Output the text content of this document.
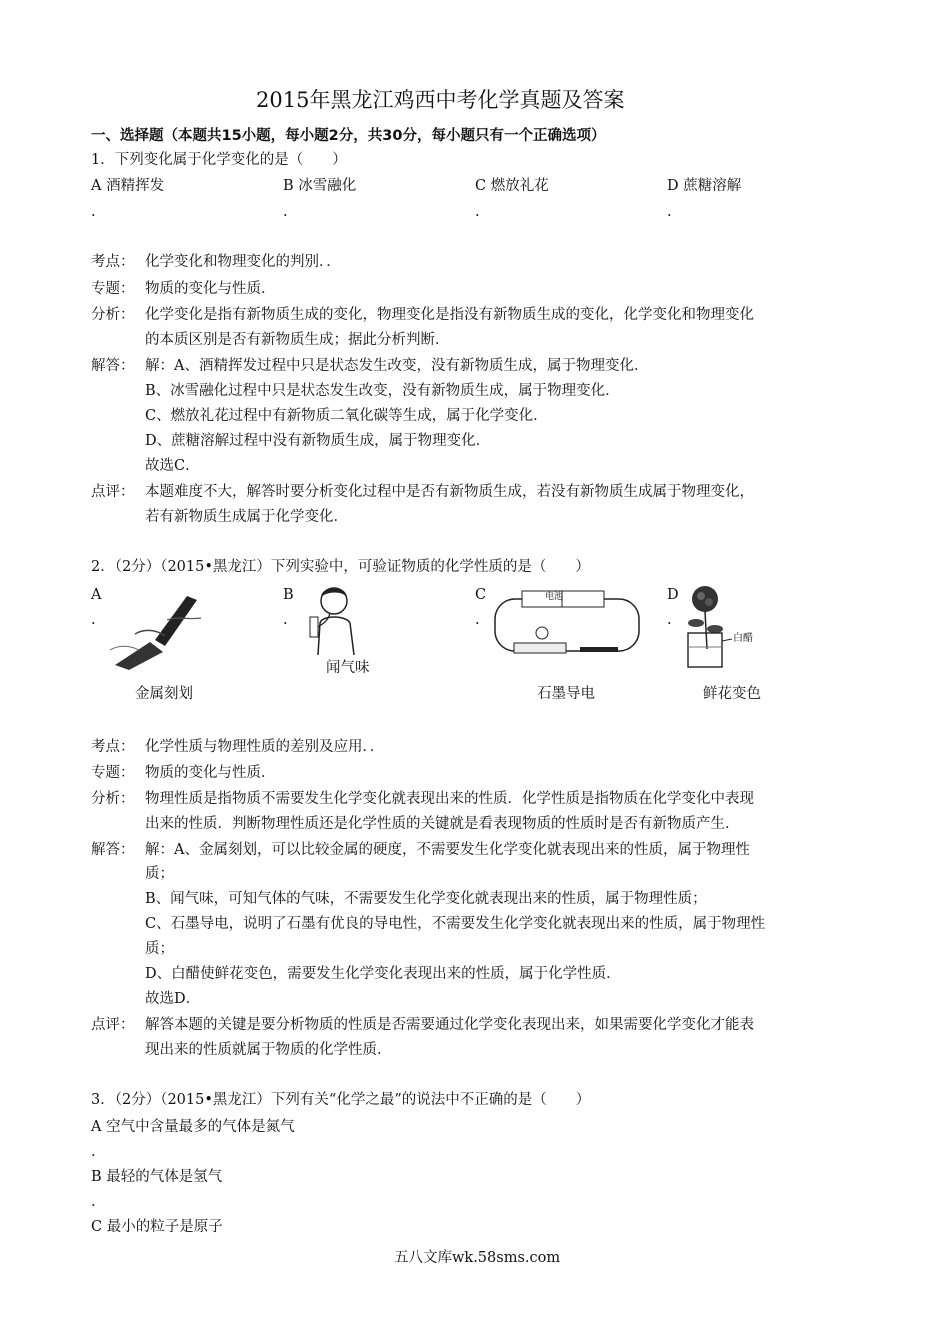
2015年黑龙江鸡西中考化学真题及答案
一、选择题（本题共15小题，每小题2分，共30分，每小题只有一个正确选项）
1．下列变化属于化学变化的是（　　）
A 酒精挥发	B 冰雪融化	C 燃放礼花	D 蔗糖溶解
.	.	.	.
考点： 化学变化和物理变化的判别．．
专题： 物质的变化与性质．
分析： 化学变化是指有新物质生成的变化，物理变化是指没有新物质生成的变化，化学变化和物理变化
的本质区别是否有新物质生成；据此分析判断．
解答： 解：A、酒精挥发过程中只是状态发生改变，没有新物质生成，属于物理变化．
B、冰雪融化过程中只是状态发生改变，没有新物质生成，属于物理变化．
C、燃放礼花过程中有新物质二氧化碳等生成，属于化学变化．
D、蔗糖溶解过程中没有新物质生成，属于物理变化．
故选C．
点评： 本题难度不大，解答时要分析变化过程中是否有新物质生成，若没有新物质生成属于物理变化，
若有新物质生成属于化学变化．
2．（2分）（2015•黑龙江）下列实验中，可验证物质的化学性质的是（　　）
A	B	C	D
.	.	.	.
闻气味
电池
白醋
金属刻划	石墨导电	鲜花变色
考点： 化学性质与物理性质的差别及应用．．
专题： 物质的变化与性质．
分析： 物理性质是指物质不需要发生化学变化就表现出来的性质．化学性质是指物质在化学变化中表现
出来的性质．判断物理性质还是化学性质的关键就是看表现物质的性质时是否有新物质产生．
解答： 解：A、金属刻划，可以比较金属的硬度，不需要发生化学变化就表现出来的性质，属于物理性
质；
B、闻气味，可知气体的气味，不需要发生化学变化就表现出来的性质，属于物理性质；
C、石墨导电，说明了石墨有优良的导电性，不需要发生化学变化就表现出来的性质，属于物理性
质；
D、白醋使鲜花变色，需要发生化学变化表现出来的性质，属于化学性质．
故选D．
点评： 解答本题的关键是要分析物质的性质是否需要通过化学变化表现出来，如果需要化学变化才能表
现出来的性质就属于物质的化学性质．
3．（2分）（2015•黑龙江）下列有关“化学之最”的说法中不正确的是（　　）
A 空气中含量最多的气体是氮气
.
B 最轻的气体是氢气
.
C 最小的粒子是原子
五八文库wk.58sms.com
